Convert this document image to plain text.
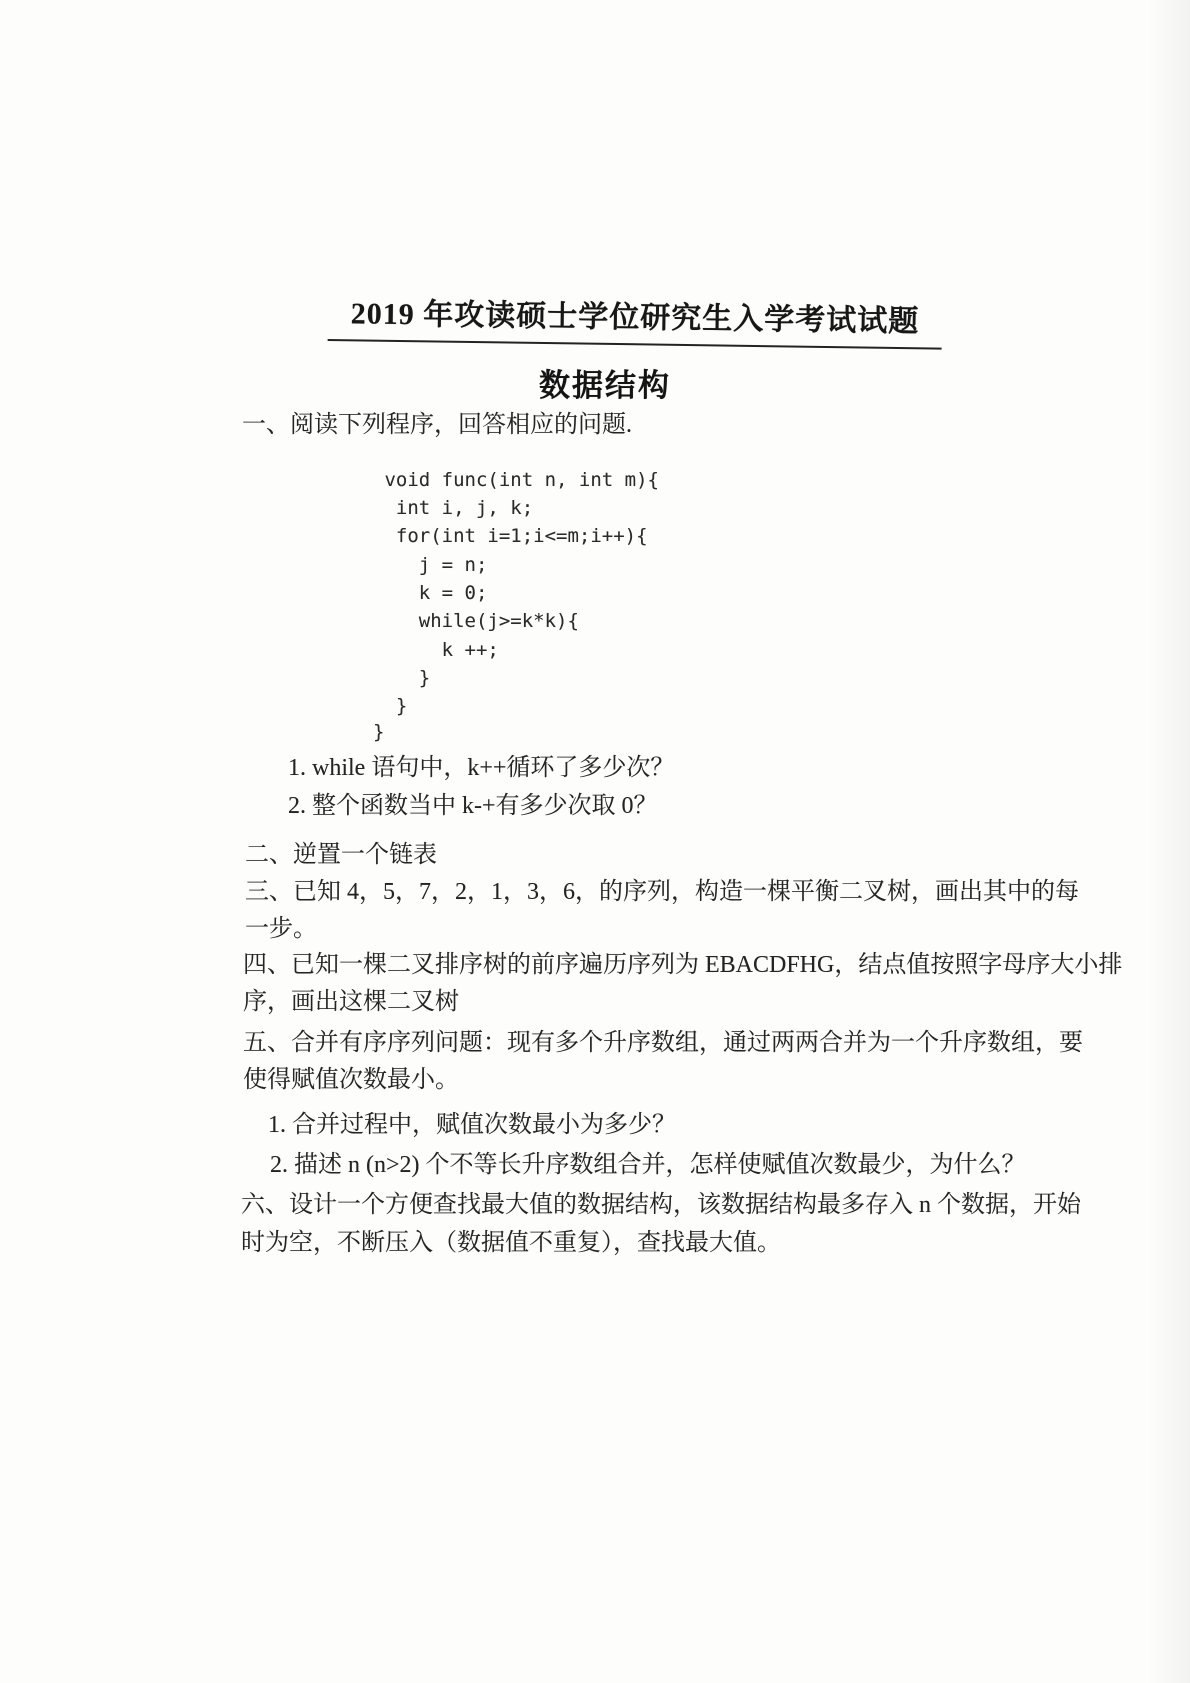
2019 年攻读硕士学位研究生入学考试试题
数据结构
一、阅读下列程序，回答相应的问题.
void func(int n, int m){
int i, j, k;
for(int i=1;i<=m;i++){
j = n;
k = 0;
while(j>=k*k){
k ++;
}
}
}
1. while 语句中，k++循环了多少次？
2. 整个函数当中 k-+有多少次取 0？
二、逆置一个链表
三、已知 4，5，7，2，1，3，6，的序列，构造一棵平衡二叉树，画出其中的每
一步。
四、已知一棵二叉排序树的前序遍历序列为 EBACDFHG，结点值按照字母序大小排
序，画出这棵二叉树
五、合并有序序列问题：现有多个升序数组，通过两两合并为一个升序数组，要
使得赋值次数最小。
1. 合并过程中，赋值次数最小为多少？
2. 描述 n (n>2) 个不等长升序数组合并，怎样使赋值次数最少，为什么？
六、设计一个方便查找最大值的数据结构，该数据结构最多存入 n 个数据，开始
时为空，不断压入（数据值不重复），查找最大值。
